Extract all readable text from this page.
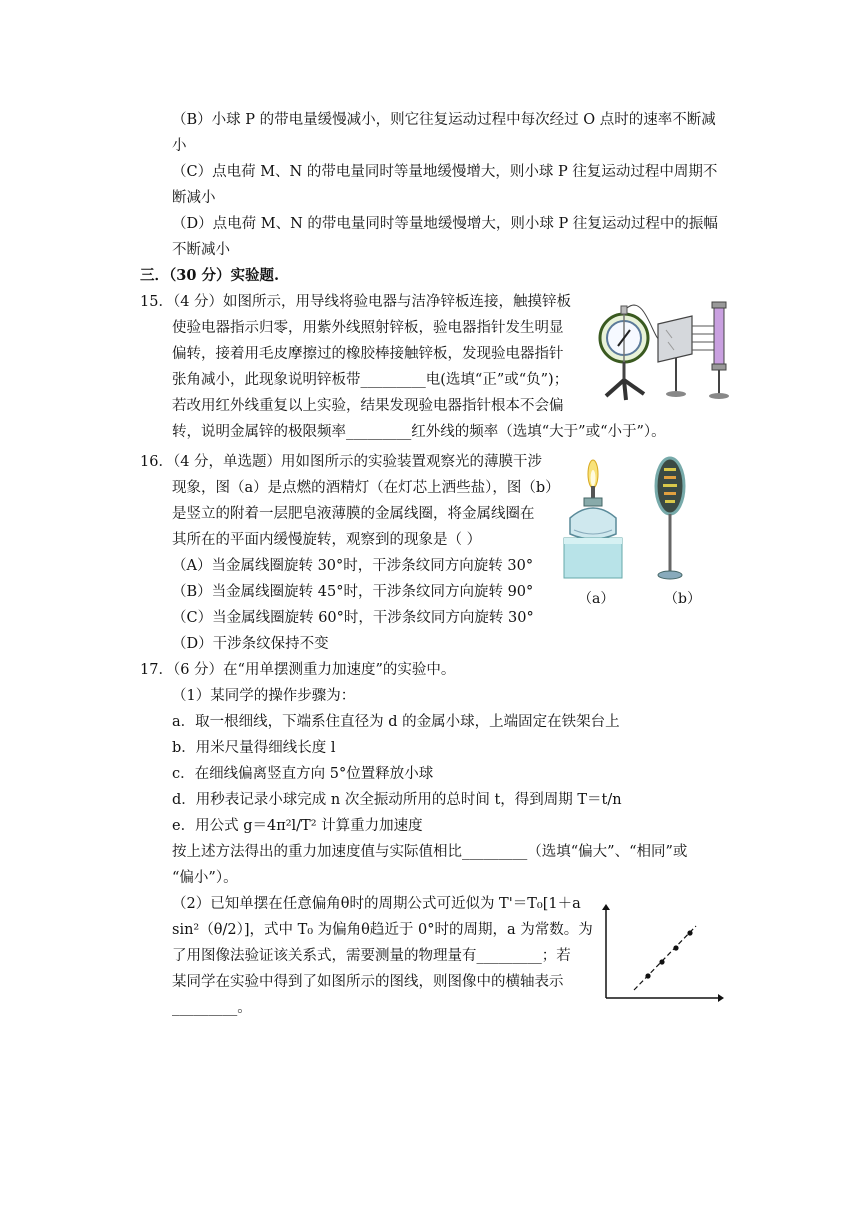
（B）小球 P 的带电量缓慢减小，则它往复运动过程中每次经过 O 点时的速率不断减
小
（C）点电荷 M、N 的带电量同时等量地缓慢增大，则小球 P 往复运动过程中周期不
断减小
（D）点电荷 M、N 的带电量同时等量地缓慢增大，则小球 P 往复运动过程中的振幅
不断减小
三．（30 分）实验题.
15．（4 分）如图所示，用导线将验电器与洁净锌板连接，触摸锌板
使验电器指示归零，用紫外线照射锌板，验电器指针发生明显
偏转，接着用毛皮摩擦过的橡胶棒接触锌板，发现验电器指针
张角减小，此现象说明锌板带_________电(选填“正”或“负”)；
若改用红外线重复以上实验，结果发现验电器指针根本不会偏
转，说明金属锌的极限频率_________红外线的频率（选填“大于”或“小于”）。
16．（4 分，单选题）用如图所示的实验装置观察光的薄膜干涉
现象，图（a）是点燃的酒精灯（在灯芯上洒些盐），图（b）
是竖立的附着一层肥皂液薄膜的金属线圈，将金属线圈在
其所在的平面内缓慢旋转，观察到的现象是（ ）
（A）当金属线圈旋转 30°时，干涉条纹同方向旋转 30°
（B）当金属线圈旋转 45°时，干涉条纹同方向旋转 90°
（C）当金属线圈旋转 60°时，干涉条纹同方向旋转 30°
（D）干涉条纹保持不变
（a）	（b）
17．（6 分）在“用单摆测重力加速度”的实验中。
（1）某同学的操作步骤为：
a．取一根细线，下端系住直径为 d 的金属小球，上端固定在铁架台上
b．用米尺量得细线长度 l
c．在细线偏离竖直方向 5°位置释放小球
d．用秒表记录小球完成 n 次全振动所用的总时间 t，得到周期 T＝t/n
e．用公式 g＝4π²l/T² 计算重力加速度
按上述方法得出的重力加速度值与实际值相比_________（选填“偏大”、“相同”或
“偏小”）。
（2）已知单摆在任意偏角θ时的周期公式可近似为 T'＝T₀[1＋a
sin²（θ/2）]，式中 T₀ 为偏角θ趋近于 0°时的周期，a 为常数。为
了用图像法验证该关系式，需要测量的物理量有_________；若
某同学在实验中得到了如图所示的图线，则图像中的横轴表示
_________。
